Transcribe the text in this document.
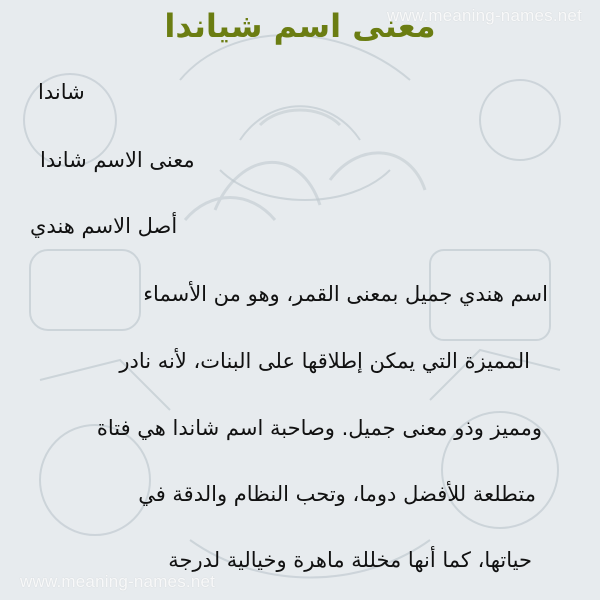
معنى اسم شياندا
www.meaning-names.net
www.meaning-names.net
شاندا
معنى الاسم شاندا
أصل الاسم هندي
اسم هندي جميل بمعنى القمر، وهو من الأسماء
المميزة التي يمكن إطلاقها على البنات، لأنه نادر
ومميز وذو معنى جميل. وصاحبة اسم شاندا هي فتاة
متطلعة للأفضل دوما، وتحب النظام والدقة في
حياتها، كما أنها مخللة ماهرة وخيالية لدرجة
